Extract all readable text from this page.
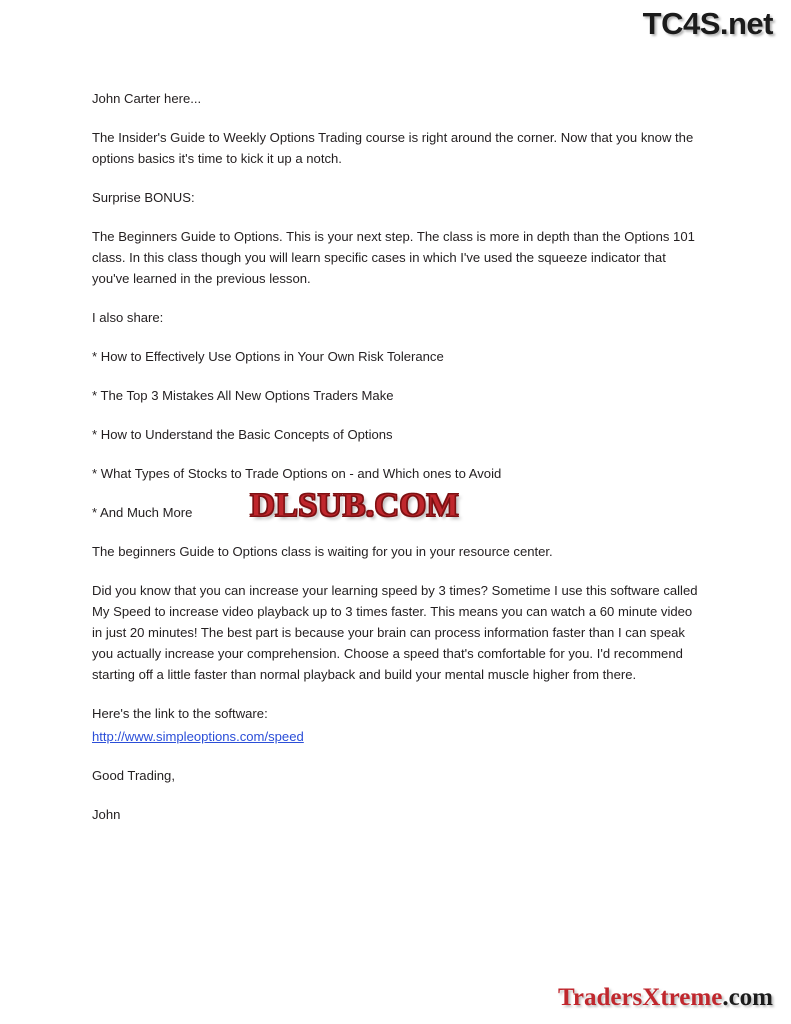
TC4S.net

John Carter here...

The Insider's Guide to Weekly Options Trading course is right around the corner. Now that you know the options basics it's time to kick it up a notch.

Surprise BONUS:

The Beginners Guide to Options. This is your next step. The class is more in depth than the Options 101 class. In this class though you will learn specific cases in which I've used the squeeze indicator that you've learned in the previous lesson.

I also share:

* How to Effectively Use Options in Your Own Risk Tolerance

* The Top 3 Mistakes All New Options Traders Make

* How to Understand the Basic Concepts of Options

* What Types of Stocks to Trade Options on - and Which ones to Avoid

* And Much More

The beginners Guide to Options class is waiting for you in your resource center.

Did you know that you can increase your learning speed by 3 times? Sometime I use this software called My Speed to increase video playback up to 3 times faster. This means you can watch a 60 minute video in just 20 minutes! The best part is because your brain can process information faster than I can speak you actually increase your comprehension. Choose a speed that's comfortable for you. I'd recommend starting off a little faster than normal playback and build your mental muscle higher from there.

Here's the link to the software:

http://www.simpleoptions.com/speed

Good Trading,

John

DLSUB.COM
TradersXtreme.com
